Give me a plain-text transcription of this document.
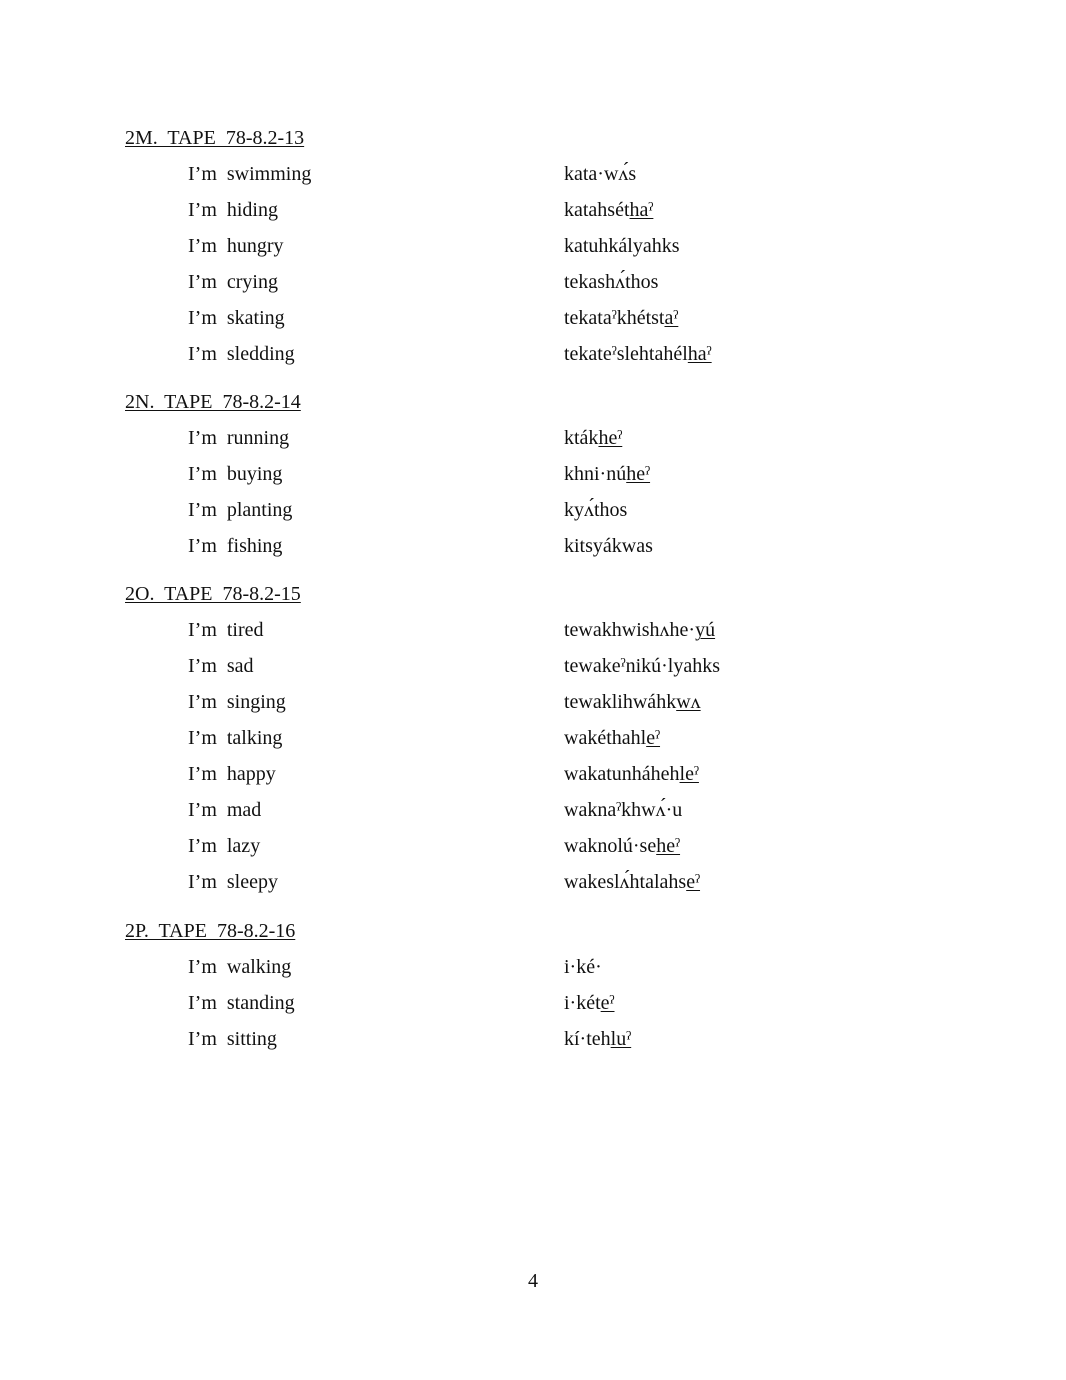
2M.  TAPE  78-8.2-13
I’m  swimming	kata·wʌ́s
I’m  hiding	katahséthaˀ
I’m  hungry	katuhkályahks
I’m  crying	tekashʌ́thos
I’m  skating	tekataˀkhétstaˀ
I’m  sledding	tekateˀslehtahélhaˀ
2N.  TAPE  78-8.2-14
I’m  running	ktákheˀ
I’m  buying	khni·núheˀ
I’m  planting	kyʌ́thos
I’m  fishing	kitsyákwas
2O.  TAPE  78-8.2-15
I’m  tired	tewakhwishʌhe·yú
I’m  sad	tewakeˀnikú·lyahks
I’m  singing	tewaklihwáhkwʌ
I’m  talking	wakéthahleˀ
I’m  happy	wakatunháhehleˀ
I’m  mad	waknaˀkhwʌ́·u
I’m  lazy	waknolú·seheˀ
I’m  sleepy	wakeslʌ́htalahseˀ
2P.  TAPE  78-8.2-16
I’m  walking	i·ké·
I’m  standing	i·kéteˀ
I’m  sitting	kí·tehluˀ
4
